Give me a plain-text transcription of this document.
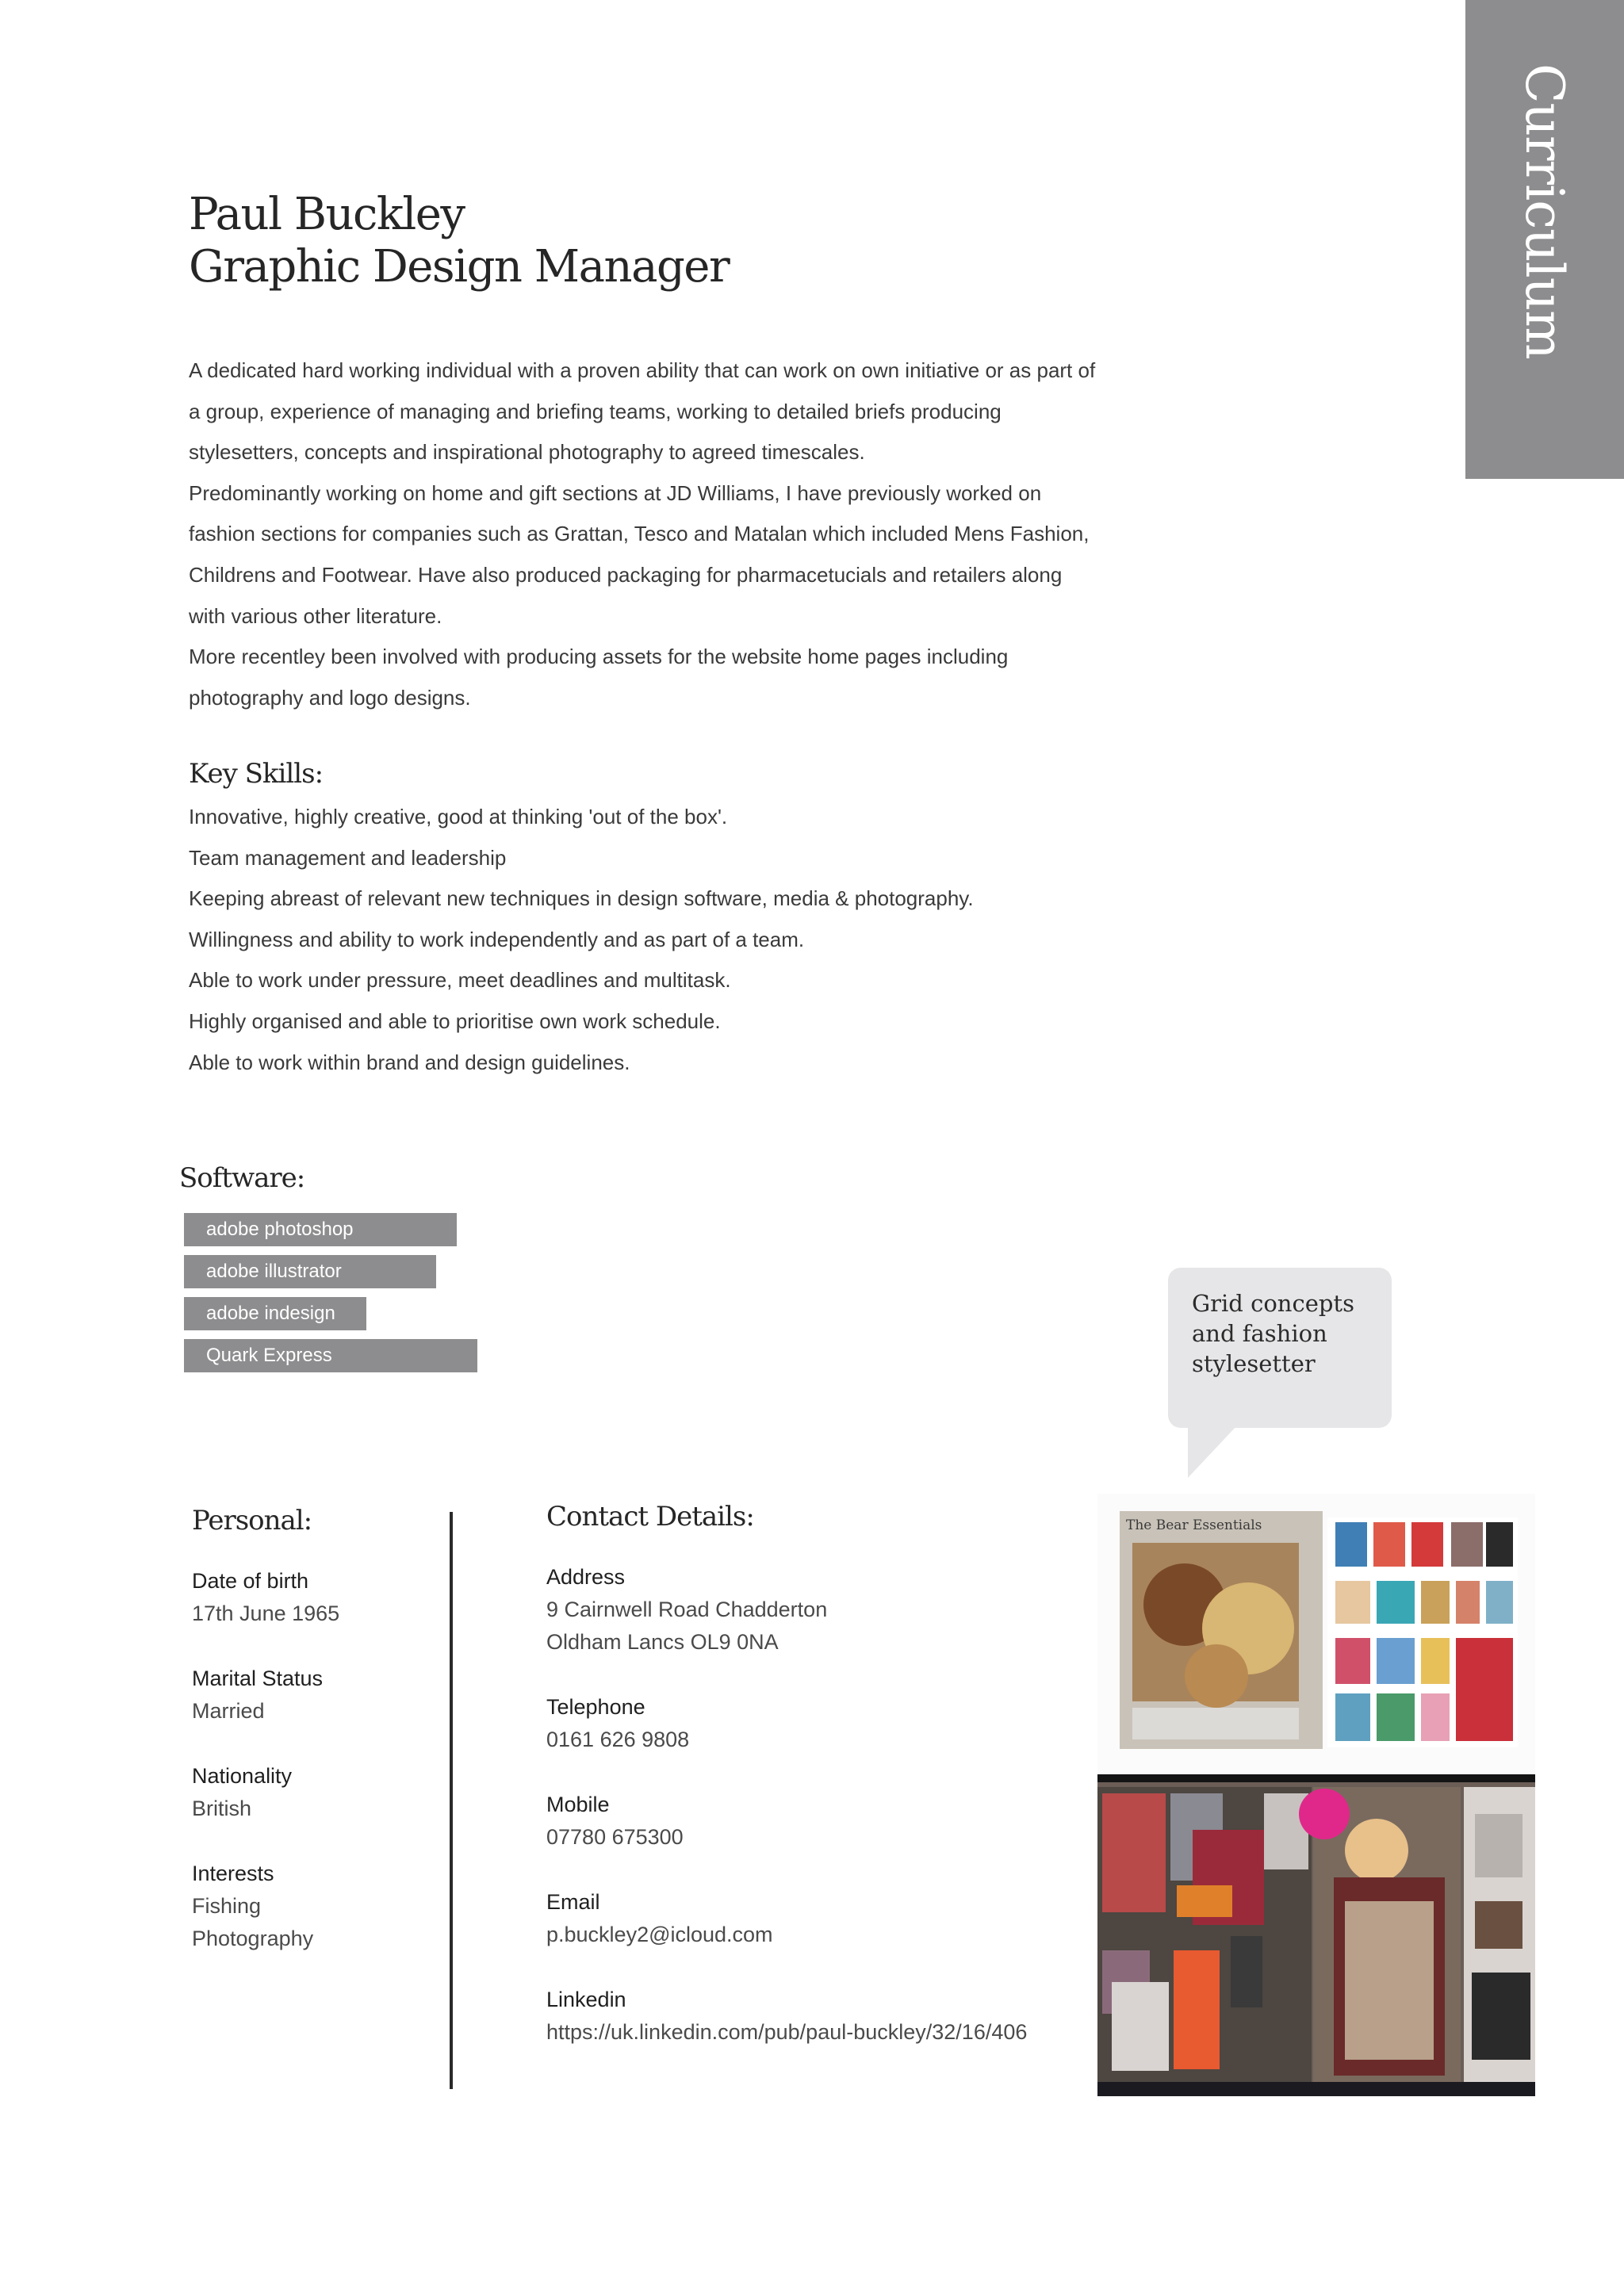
Curriculum Vitae
Paul Buckley
Graphic Design Manager

A dedicated hard working individual with a proven ability that can work on own initiative or as part of a group, experience of managing and briefing teams, working to detailed briefs producing stylesetters, concepts and inspirational photography to agreed timescales.

Predominantly working on home and gift sections at JD Williams, I have previously worked on fashion sections for companies such as Grattan, Tesco and Matalan which included Mens Fashion, Childrens and Footwear. Have also produced packaging for pharmacetucials and retailers along with various other literature.

More recentley been involved with producing assets for the website home pages including photography and logo designs.

Key Skills:
Innovative, highly creative, good at thinking 'out of the box'.
Team management and leadership
Keeping abreast of relevant new techniques in design software, media & photography.
Willingness and ability to work independently and as part of a team.
Able to work under pressure, meet deadlines and multitask.
Highly organised and able to prioritise own work schedule.
Able to work within brand and design guidelines.
Software:
adobe photoshop
adobe illustrator
adobe indesign
Quark Express
Grid concepts
and fashion
stylesetter
Personal:
Date of birth
17th June 1965
Marital Status
Married
Nationality
British
Interests
Fishing
Photography
Contact Details:
Address
9 Cairnwell Road Chadderton
Oldham Lancs OL9 0NA
Telephone
0161 626 9808
Mobile
07780 675300
Email
p.buckley2@icloud.com
Linkedin
https://uk.linkedin.com/pub/paul-buckley/32/16/406
The Bear Essentials
